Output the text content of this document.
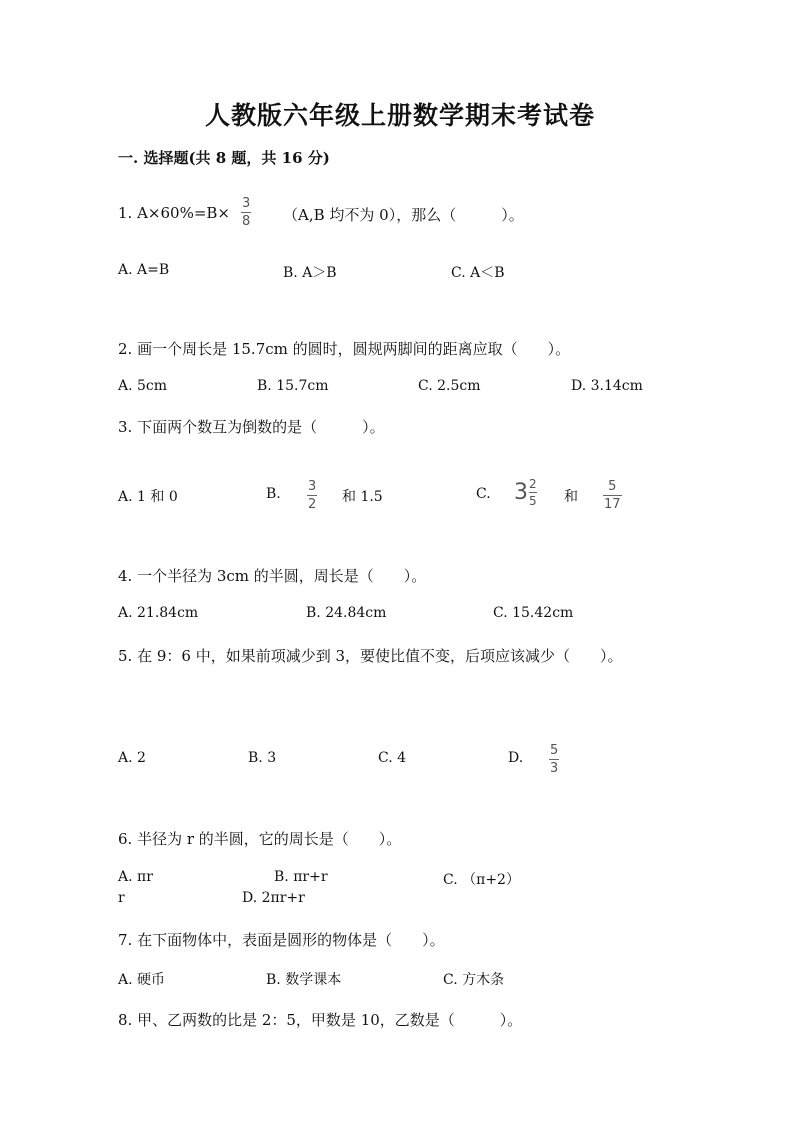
人教版六年级上册数学期末考试卷
一. 选择题(共 8 题，共 16 分)
1. $A\times 60\%=B\times \frac{3}{8} (A,B$ 均不为 0），那么（　　　）。
A. A=B	B. A＞B	C. A＜B
2. 画一个周长是 15.7cm 的圆时，圆规两脚间的距离应取（　　）。
A. 5cm	B. 15.7cm	C. 2.5cm	D. 3.14cm
3. 下面两个数互为倒数的是（　　　）。
A. 1 和 0	B. $\frac{3}{2}$ 和 1.5	C. $3 \frac{2}{5}$ 和 $\frac{5}{17}$
4. 一个半径为 3cm 的半圆，周长是（　　）。
A. 21.84cm	B. 24.84cm	C. 15.42cm
5. 在 9：6 中，如果前项减少到 3，要使比值不变，后项应该减少（　　）。
A. 2	B. 3	C. 4	D. $\frac{5}{3}$
6. 半径为 r 的半圆，它的周长是（　　）。
A. πr	B. πr+r	C. （π+2）
r	D. 2πr+r
7. 在下面物体中，表面是圆形的物体是（　　）。
A. 硬币	B. 数学课本	C. 方木条
8. 甲、乙两数的比是 2：5，甲数是 10，乙数是（　　　）。
